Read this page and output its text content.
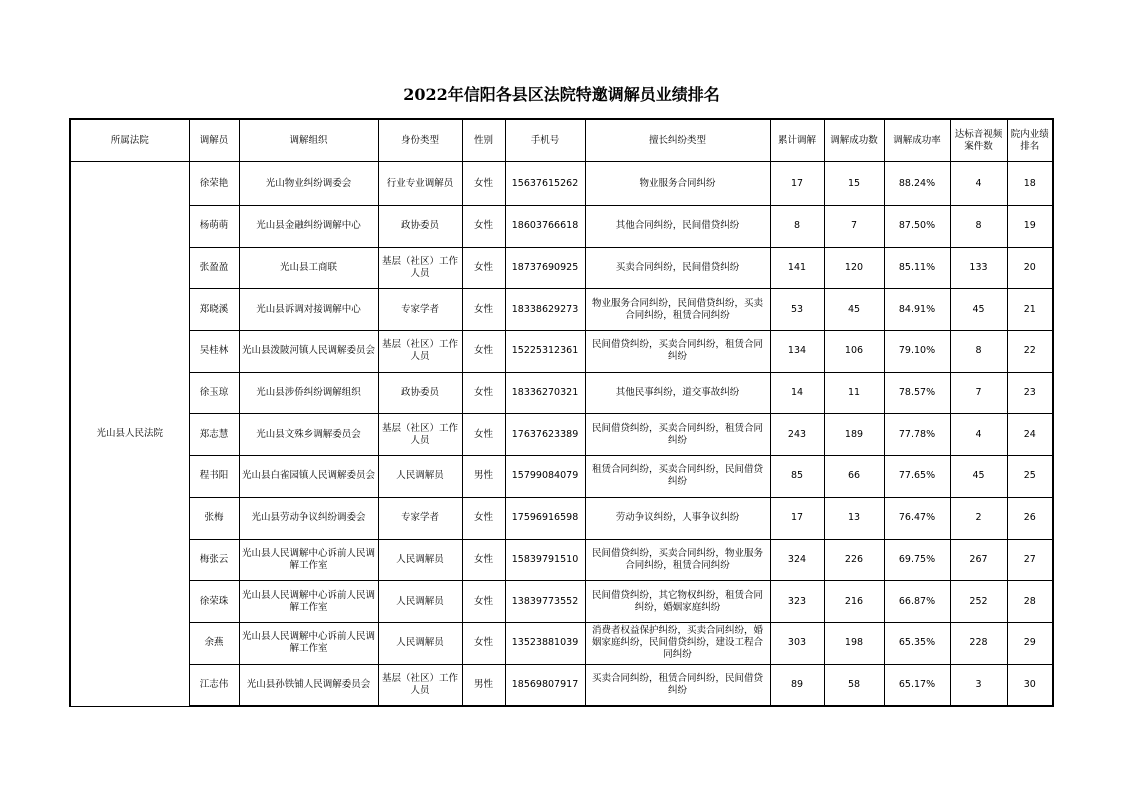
2022年信阳各县区法院特邀调解员业绩排名
所属法院	调解员	调解组织	身份类型	性别	手机号	擅长纠纷类型	累计调解	调解成功数	调解成功率	达标音视频案件数	院内业绩排名
光山县人民法院	徐荣艳	光山物业纠纷调委会	行业专业调解员	女性	15637615262	物业服务合同纠纷	17	15	88.24%	4	18
	杨萌萌	光山县金融纠纷调解中心	政协委员	女性	18603766618	其他合同纠纷，民间借贷纠纷	8	7	87.50%	8	19
	张盈盈	光山县工商联	基层（社区）工作人员	女性	18737690925	买卖合同纠纷，民间借贷纠纷	141	120	85.11%	133	20
	郑晓溪	光山县诉调对接调解中心	专家学者	女性	18338629273	物业服务合同纠纷，民间借贷纠纷，买卖合同纠纷，租赁合同纠纷	53	45	84.91%	45	21
	吴桂林	光山县泼陂河镇人民调解委员会	基层（社区）工作人员	女性	15225312361	民间借贷纠纷，买卖合同纠纷，租赁合同纠纷	134	106	79.10%	8	22
	徐玉琼	光山县涉侨纠纷调解组织	政协委员	女性	18336270321	其他民事纠纷，道交事故纠纷	14	11	78.57%	7	23
	郑志慧	光山县文殊乡调解委员会	基层（社区）工作人员	女性	17637623389	民间借贷纠纷，买卖合同纠纷，租赁合同纠纷	243	189	77.78%	4	24
	程书阳	光山县白雀园镇人民调解委员会	人民调解员	男性	15799084079	租赁合同纠纷，买卖合同纠纷，民间借贷纠纷	85	66	77.65%	45	25
	张梅	光山县劳动争议纠纷调委会	专家学者	女性	17596916598	劳动争议纠纷，人事争议纠纷	17	13	76.47%	2	26
	梅张云	光山县人民调解中心诉前人民调解工作室	人民调解员	女性	15839791510	民间借贷纠纷，买卖合同纠纷，物业服务合同纠纷，租赁合同纠纷	324	226	69.75%	267	27
	徐荣珠	光山县人民调解中心诉前人民调解工作室	人民调解员	女性	13839773552	民间借贷纠纷，其它物权纠纷，租赁合同纠纷，婚姻家庭纠纷	323	216	66.87%	252	28
	余燕	光山县人民调解中心诉前人民调解工作室	人民调解员	女性	13523881039	消费者权益保护纠纷，买卖合同纠纷，婚姻家庭纠纷，民间借贷纠纷，建设工程合同纠纷	303	198	65.35%	228	29
	江志伟	光山县孙铁铺人民调解委员会	基层（社区）工作人员	男性	18569807917	买卖合同纠纷，租赁合同纠纷，民间借贷纠纷	89	58	65.17%	3	30
